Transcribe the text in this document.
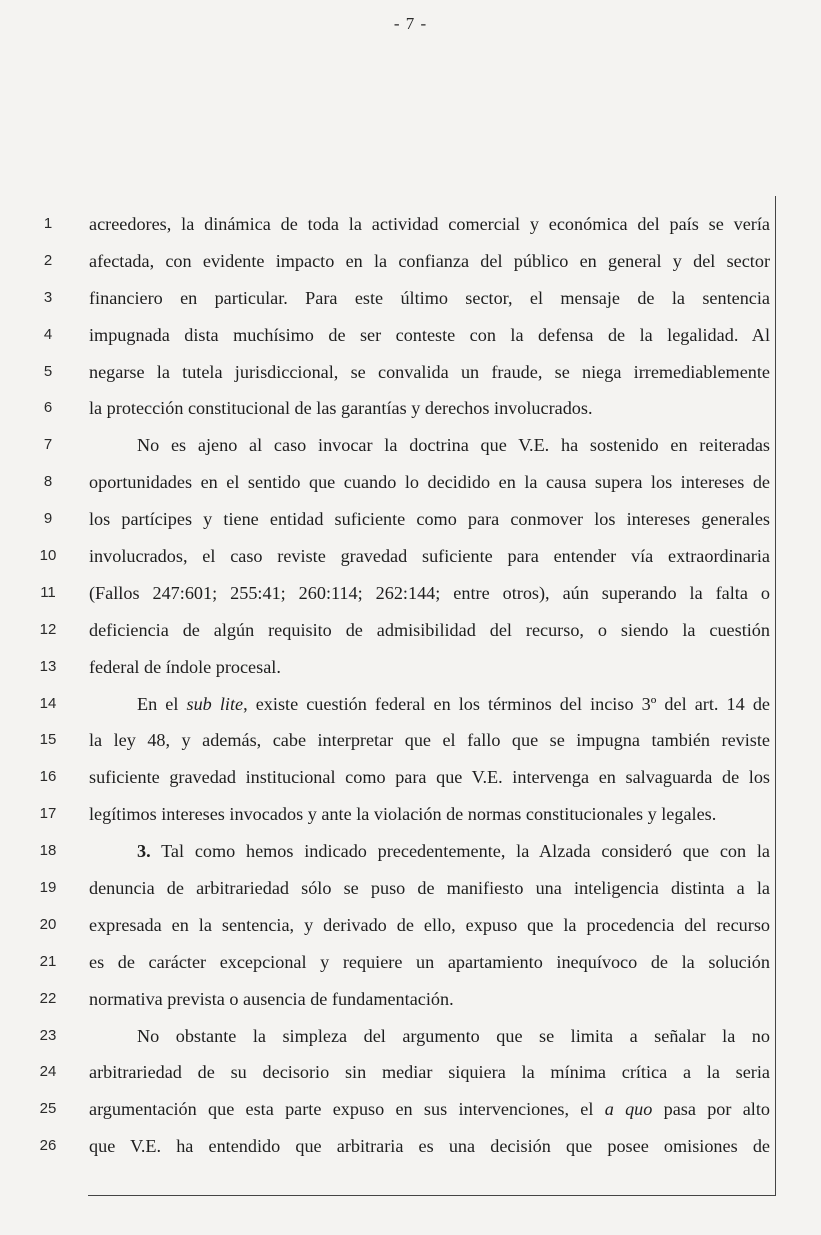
- 7 -
1	acreedores, la dinámica de toda la actividad comercial y económica del país se vería
2	afectada, con evidente impacto en la confianza del público en general y del sector
3	financiero en particular. Para este último sector, el mensaje de la sentencia
4	impugnada dista muchísimo de ser conteste con la defensa de la legalidad. Al
5	negarse la tutela jurisdiccional, se convalida un fraude, se niega irremediablemente
6	la protección constitucional de las garantías y derechos involucrados.
7	No es ajeno al caso invocar la doctrina que V.E. ha sostenido en reiteradas
8	oportunidades en el sentido que cuando lo decidido en la causa supera los intereses de
9	los partícipes y tiene entidad suficiente como para conmover los intereses generales
10	involucrados, el caso reviste gravedad suficiente para entender vía extraordinaria
11	(Fallos 247:601; 255:41; 260:114; 262:144; entre otros), aún superando la falta o
12	deficiencia de algún requisito de admisibilidad del recurso, o siendo la cuestión
13	federal de índole procesal.
14	En el sub lite, existe cuestión federal en los términos del inciso 3º del art. 14 de
15	la ley 48, y además, cabe interpretar que el fallo que se impugna también reviste
16	suficiente gravedad institucional como para que V.E. intervenga en salvaguarda de los
17	legítimos intereses invocados y ante la violación de normas constitucionales y legales.
18	3. Tal como hemos indicado precedentemente, la Alzada consideró que con la
19	denuncia de arbitrariedad sólo se puso de manifiesto una inteligencia distinta a la
20	expresada en la sentencia, y derivado de ello, expuso que la procedencia del recurso
21	es de carácter excepcional y requiere un apartamiento inequívoco de la solución
22	normativa prevista o ausencia de fundamentación.
23	No obstante la simpleza del argumento que se limita a señalar la no
24	arbitrariedad de su decisorio sin mediar siquiera la mínima crítica a la seria
25	argumentación que esta parte expuso en sus intervenciones, el a quo pasa por alto
26	que V.E. ha entendido que arbitraria es una decisión que posee omisiones de
